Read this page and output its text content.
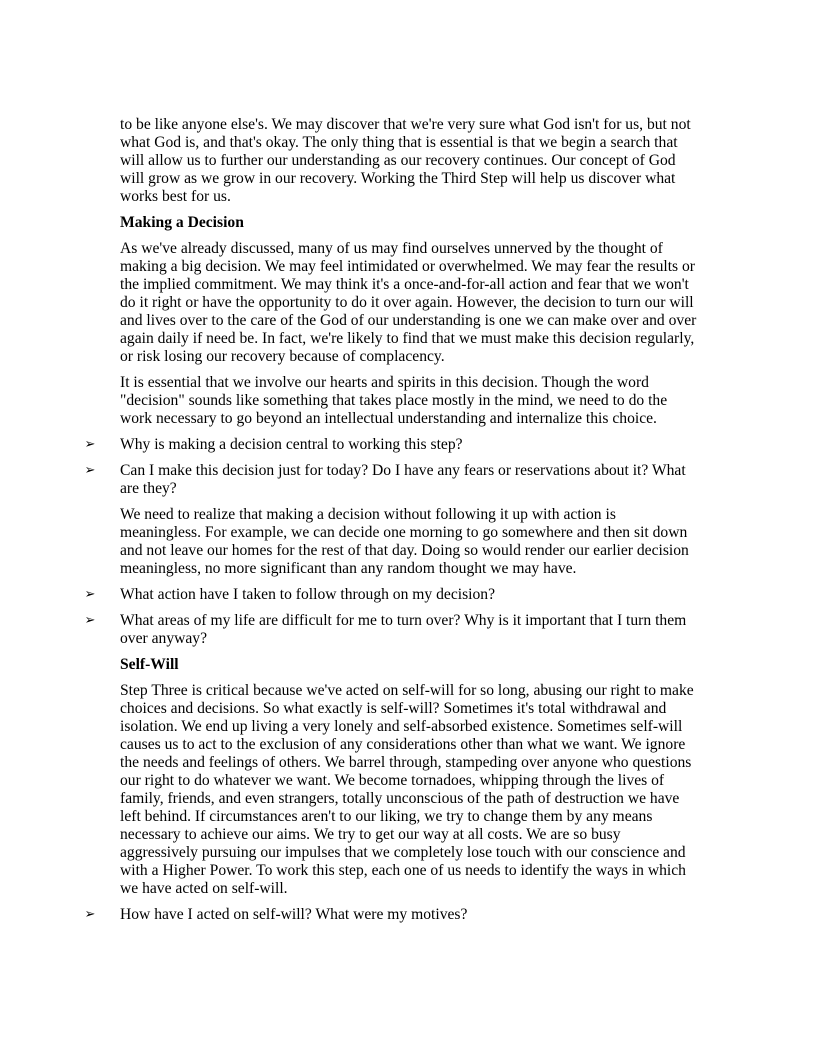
to be like anyone else's. We may discover that we're very sure what God isn't for us, but not what God is, and that's okay. The only thing that is essential is that we begin a search that will allow us to further our understanding as our recovery continues. Our concept of God will grow as we grow in our recovery. Working the Third Step will help us discover what works best for us.

Making a Decision

As we've already discussed, many of us may find ourselves unnerved by the thought of making a big decision. We may feel intimidated or overwhelmed. We may fear the results or the implied commitment. We may think it's a once-and-for-all action and fear that we won't do it right or have the opportunity to do it over again. However, the decision to turn our will and lives over to the care of the God of our understanding is one we can make over and over again daily if need be. In fact, we're likely to find that we must make this decision regularly, or risk losing our recovery because of complacency.

It is essential that we involve our hearts and spirits in this decision. Though the word "decision" sounds like something that takes place mostly in the mind, we need to do the work necessary to go beyond an intellectual understanding and internalize this choice.

➢ Why is making a decision central to working this step?
➢ Can I make this decision just for today? Do I have any fears or reservations about it? What are they?

We need to realize that making a decision without following it up with action is meaningless. For example, we can decide one morning to go somewhere and then sit down and not leave our homes for the rest of that day. Doing so would render our earlier decision meaningless, no more significant than any random thought we may have.

➢ What action have I taken to follow through on my decision?
➢ What areas of my life are difficult for me to turn over? Why is it important that I turn them over anyway?
Self-Will

Step Three is critical because we've acted on self-will for so long, abusing our right to make choices and decisions. So what exactly is self-will? Sometimes it's total withdrawal and isolation. We end up living a very lonely and self-absorbed existence. Sometimes self-will causes us to act to the exclusion of any considerations other than what we want. We ignore the needs and feelings of others. We barrel through, stampeding over anyone who questions our right to do whatever we want. We become tornadoes, whipping through the lives of family, friends, and even strangers, totally unconscious of the path of destruction we have left behind. If circumstances aren't to our liking, we try to change them by any means necessary to achieve our aims. We try to get our way at all costs. We are so busy aggressively pursuing our impulses that we completely lose touch with our conscience and with a Higher Power. To work this step, each one of us needs to identify the ways in which we have acted on self-will.

➢ How have I acted on self-will? What were my motives?
